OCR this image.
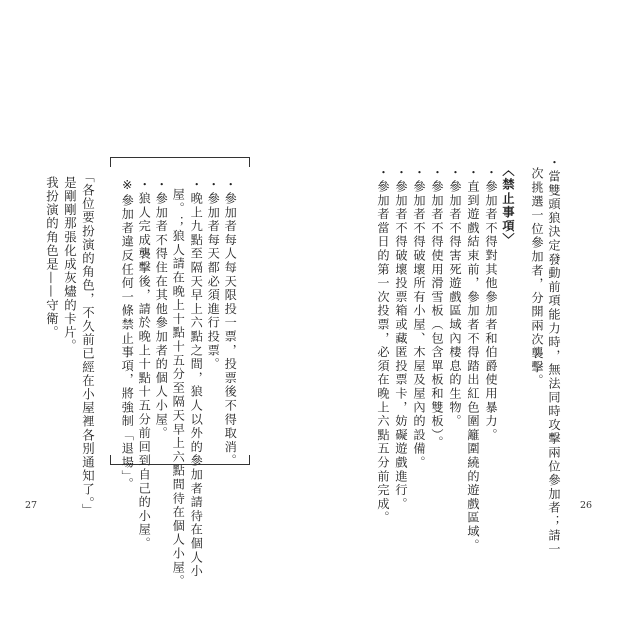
・當雙頭狼決定發動前項能力時，無法同時攻擊兩位參加者；請一
次挑選一位參加者，分開兩次襲擊。
〈禁止事項〉
・參加者不得對其他參加者和伯爵使用暴力。
・直到遊戲結束前，參加者不得踏出紅色圍籬圍繞的遊戲區域。
・參加者不得害死遊戲區域內棲息的生物。
・參加者不得使用滑雪板（包含單板和雙板）。
・參加者不得破壞所有小屋、木屋及屋內的設備。
・參加者不得破壞投票箱或藏匿投票卡，妨礙遊戲進行。
・參加者當日的第一次投票，必須在晚上六點五分前完成。	26
・參加者每人每天限投一票，投票後不得取消。
・參加者每天都必須進行投票。
・晚上九點至隔天早上六點之間，狼人以外的參加者請待在個人小
屋。；狼人請在晚上十點十五分至隔天早上六點間待在個人小屋。
・參加者不得住在其他參加者的個人小屋。
・狼人完成襲擊後，請於晚上十點十五分前回到自己的小屋。
※參加者違反任何一條禁止事項，將強制「退場」。
「各位要扮演的角色，不久前已經在小屋裡各別通知了。」
是剛剛那張化成灰燼的卡片。
我扮演的角色是——守衛。
27
